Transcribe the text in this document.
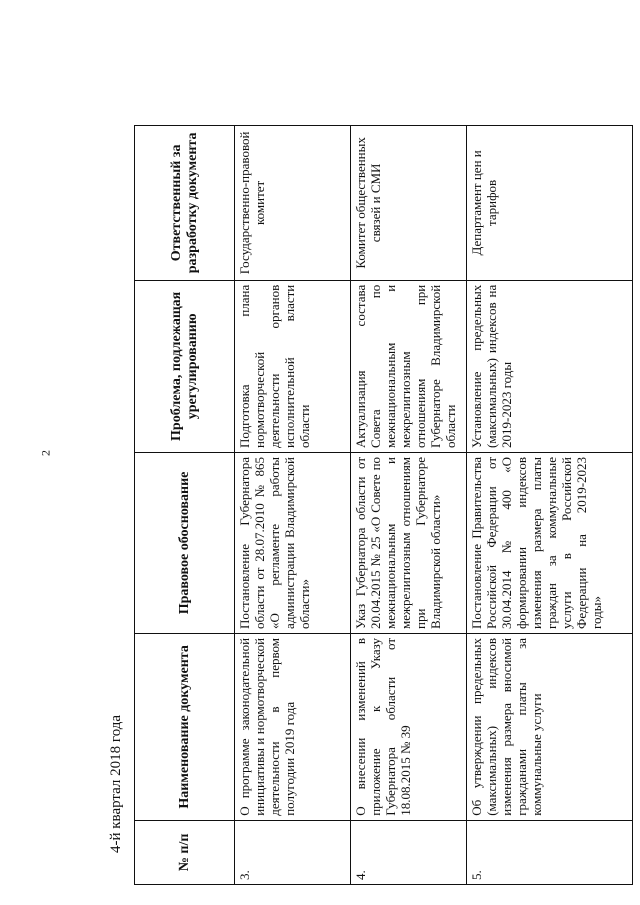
2
4-й квартал 2018 года	№ п/п	Наименование документа	Правовое обоснование	Проблема, подлежащая урегулированию	Ответственный за разработку документа
3.	О программе законодательной инициативы и нормотворческой деятельности в первом полугодии 2019 года	Постановление Губернатора области от 28.07.2010 № 865 «О регламенте работы администрации Владимирской области»	Подготовка плана нормотворческой деятельности органов исполнительной власти области	Государственно-правовой комитет
4.	О внесении изменений в приложение к Указу Губернатора области от 18.08.2015 № 39	Указ Губернатора области от 20.04.2015 № 25 «О Совете по межнациональным и межрелигиозным отношениям при Губернаторе Владимирской области»	Актуализация состава Совета по межнациональным и межрелигиозным отношениям при Губернаторе Владимирской области	Комитет общественных связей и СМИ
5.	Об утверждении предельных (максимальных) индексов изменения размера вносимой гражданами платы за коммунальные услуги	Постановление Правительства Российской Федерации от 30.04.2014 № 400 «О формировании индексов изменения размера платы граждан за коммунальные услуги в Российской Федерации на 2019-2023 годы»	Установление предельных (максимальных) индексов на 2019-2023 годы	Департамент цен и тарифов
